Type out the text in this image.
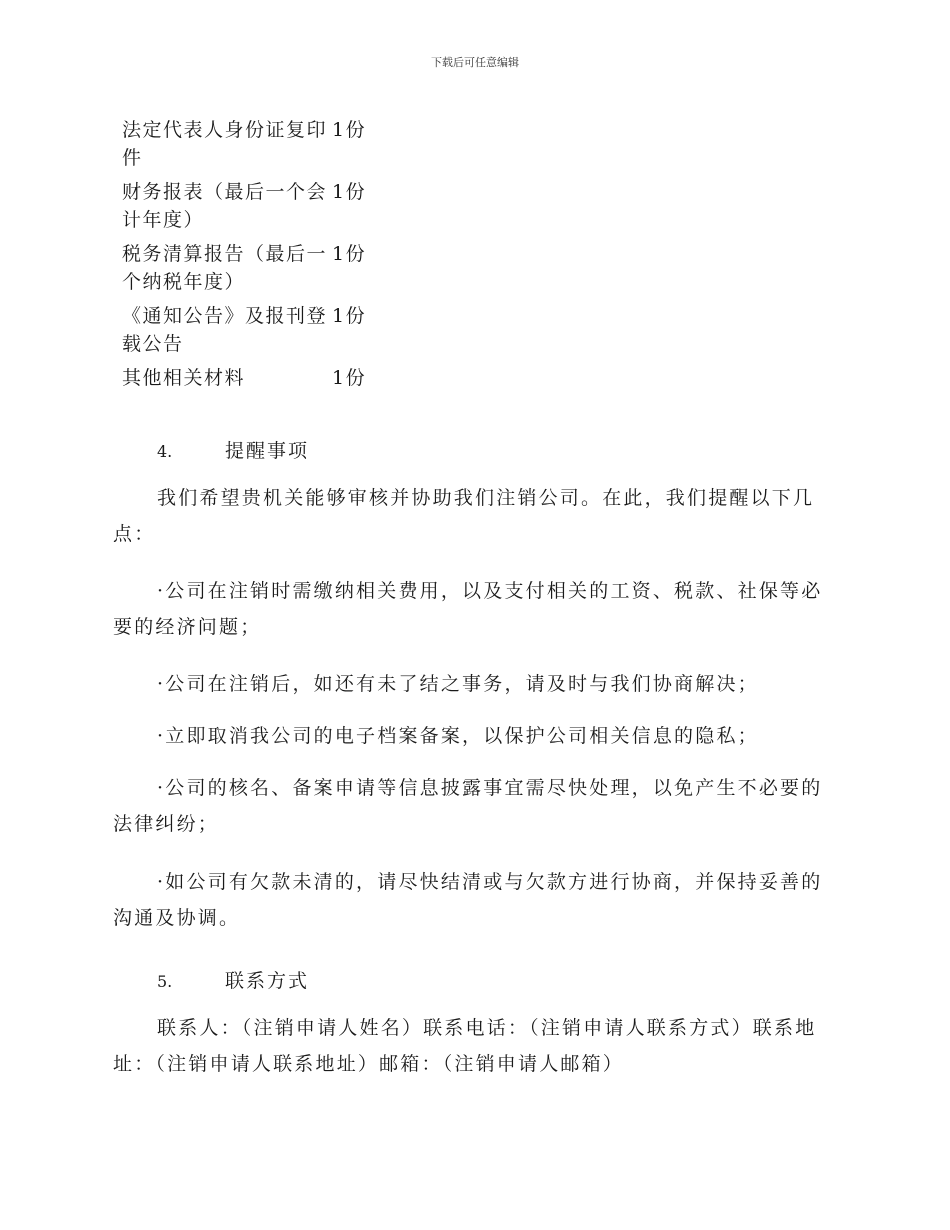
下载后可任意编辑
法定代表人身份证复印件	1份
财务报表（最后一个会计年度）	1份
税务清算报告（最后一个纳税年度）	1份
《通知公告》及报刊登载公告	1份
其他相关材料	1份
4.	提醒事项

我们希望贵机关能够审核并协助我们注销公司。在此，我们提醒以下几点：

·公司在注销时需缴纳相关费用，以及支付相关的工资、税款、社保等必要的经济问题；

·公司在注销后，如还有未了结之事务，请及时与我们协商解决；

·立即取消我公司的电子档案备案，以保护公司相关信息的隐私；

·公司的核名、备案申请等信息披露事宜需尽快处理，以免产生不必要的法律纠纷；

·如公司有欠款未清的，请尽快结清或与欠款方进行协商，并保持妥善的沟通及协调。

5.	联系方式

联系人：（注销申请人姓名）联系电话：（注销申请人联系方式）联系地址：（注销申请人联系地址）邮箱：（注销申请人邮箱）
